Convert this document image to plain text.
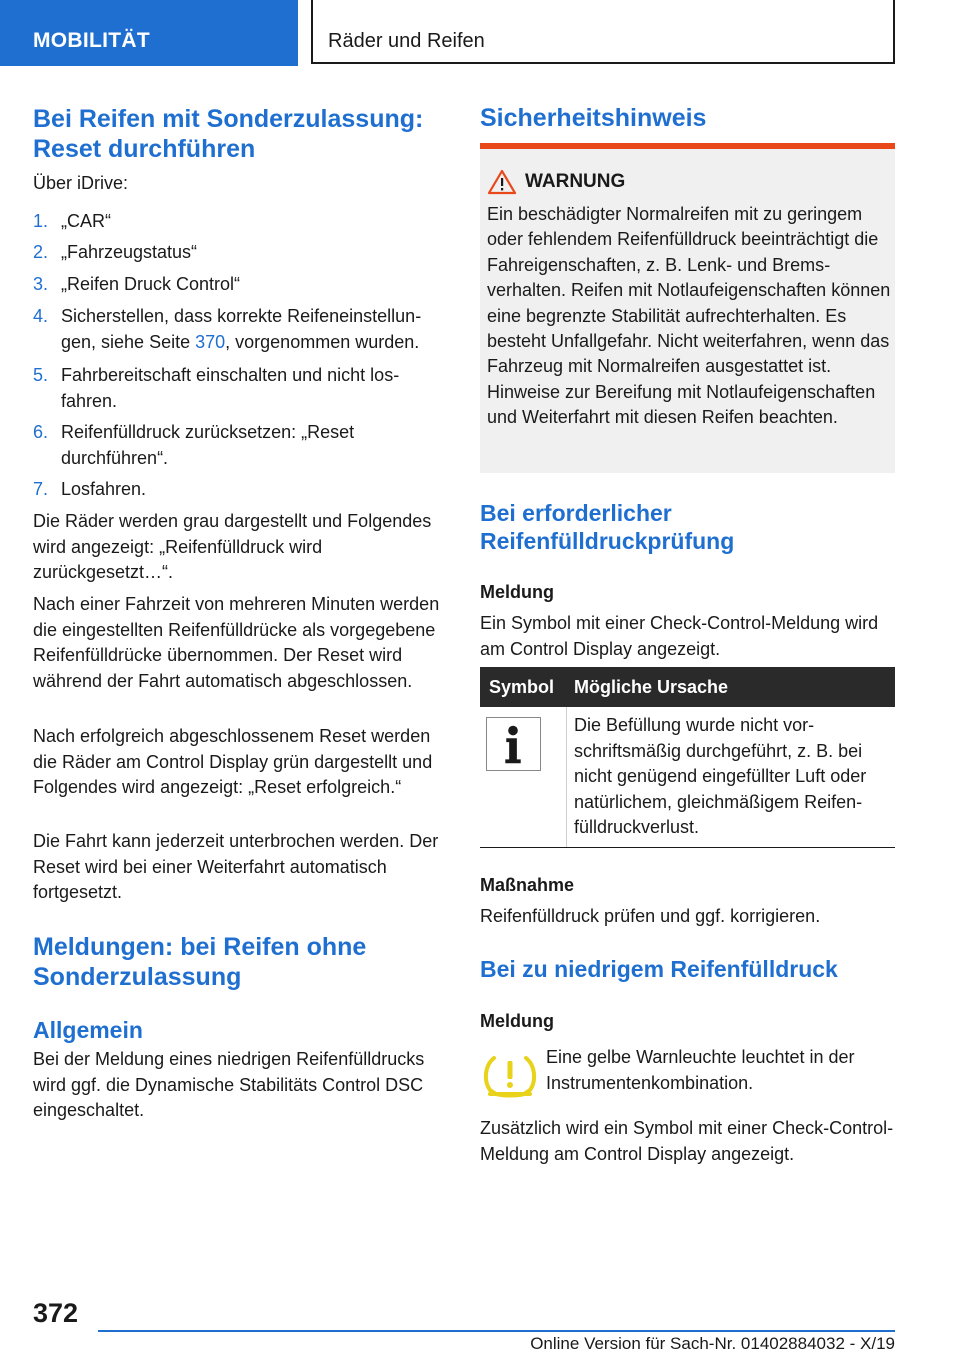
MOBILITÄT	Räder und Reifen
Bei Reifen mit Sonderzulassung: Reset durchführen
Über iDrive:
1. „CAR“
2. „Fahrzeugstatus“
3. „Reifen Druck Control“
4. Sicherstellen, dass korrekte Reifeneinstellungen, siehe Seite 370, vorgenommen wurden.
5. Fahrbereitschaft einschalten und nicht losfahren.
6. Reifenfülldruck zurücksetzen: „Reset durchführen“.
7. Losfahren.
Die Räder werden grau dargestellt und Folgendes wird angezeigt: „Reifenfülldruck wird zurückgesetzt…“.
Nach einer Fahrzeit von mehreren Minuten werden die eingestellten Reifenfülldrücke als vorgegebene Reifenfülldrücke übernommen. Der Reset wird während der Fahrt automatisch abgeschlossen.
Nach erfolgreich abgeschlossenem Reset werden die Räder am Control Display grün dargestellt und Folgendes wird angezeigt: „Reset erfolgreich.“
Die Fahrt kann jederzeit unterbrochen werden. Der Reset wird bei einer Weiterfahrt automatisch fortgesetzt.
Meldungen: bei Reifen ohne Sonderzulassung
Allgemein
Bei der Meldung eines niedrigen Reifenfülldrucks wird ggf. die Dynamische Stabilitäts Control DSC eingeschaltet.
Sicherheitshinweis
WARNUNG
Ein beschädigter Normalreifen mit zu geringem oder fehlendem Reifenfülldruck beeinträchtigt die Fahreigenschaften, z. B. Lenk- und Bremsverhalten. Reifen mit Notlaufeigenschaften können eine begrenzte Stabilität aufrechterhalten. Es besteht Unfallgefahr. Nicht weiterfahren, wenn das Fahrzeug mit Normalreifen ausgestattet ist. Hinweise zur Bereifung mit Notlaufeigenschaften und Weiterfahrt mit diesen Reifen beachten.
Bei erforderlicher Reifenfülldruckprüfung
Meldung
Ein Symbol mit einer Check-Control-Meldung wird am Control Display angezeigt.
Symbol Mögliche Ursache
Die Befüllung wurde nicht vorschriftsmäßig durchgeführt, z. B. bei nicht genügend eingefüllter Luft oder natürlichem, gleichmäßigem Reifenfülldruckverlust.
Maßnahme
Reifenfülldruck prüfen und ggf. korrigieren.
Bei zu niedrigem Reifenfülldruck
Meldung
Eine gelbe Warnleuchte leuchtet in der Instrumentenkombination.
Zusätzlich wird ein Symbol mit einer Check-Control-Meldung am Control Display angezeigt.
372
Online Version für Sach-Nr. 01402884032 - X/19
